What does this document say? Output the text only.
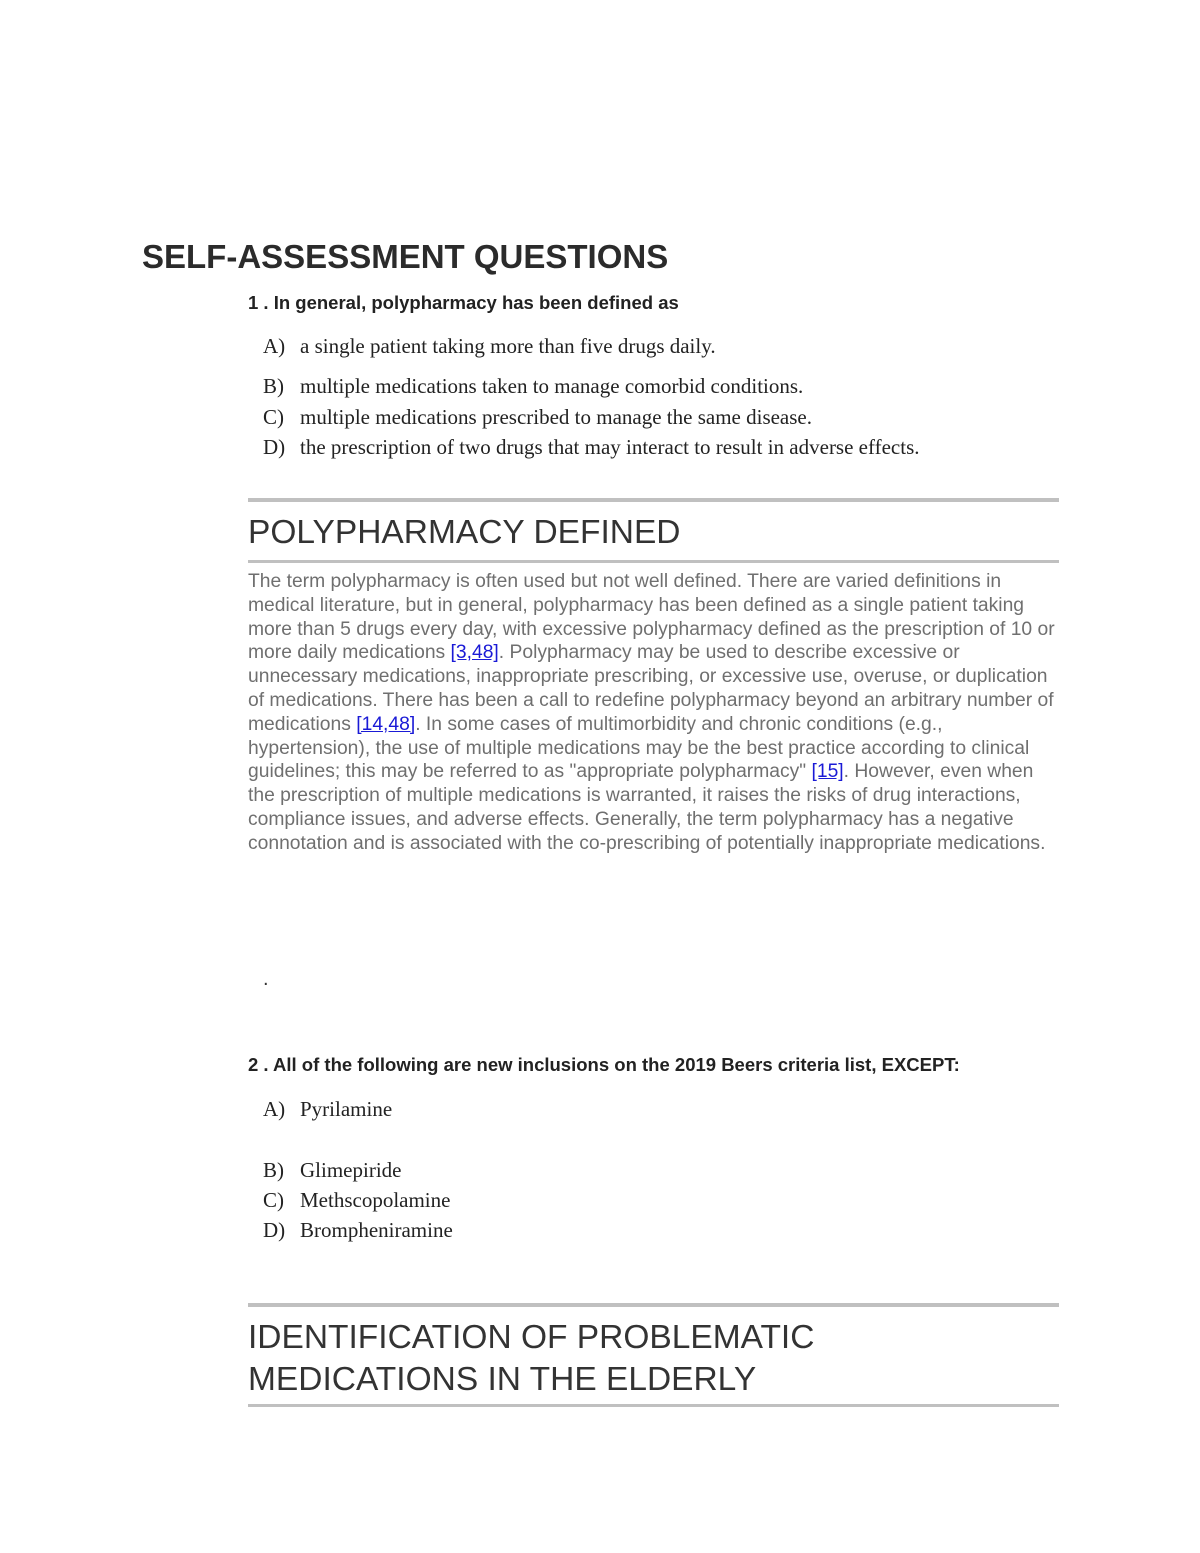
SELF-ASSESSMENT QUESTIONS
1 . In general, polypharmacy has been defined as
A) a single patient taking more than five drugs daily.
B) multiple medications taken to manage comorbid conditions.
C) multiple medications prescribed to manage the same disease.
D) the prescription of two drugs that may interact to result in adverse effects.
POLYPHARMACY DEFINED
The term polypharmacy is often used but not well defined. There are varied definitions in medical literature, but in general, polypharmacy has been defined as a single patient taking more than 5 drugs every day, with excessive polypharmacy defined as the prescription of 10 or more daily medications [3,48]. Polypharmacy may be used to describe excessive or unnecessary medications, inappropriate prescribing, or excessive use, overuse, or duplication of medications. There has been a call to redefine polypharmacy beyond an arbitrary number of medications [14,48]. In some cases of multimorbidity and chronic conditions (e.g., hypertension), the use of multiple medications may be the best practice according to clinical guidelines; this may be referred to as "appropriate polypharmacy" [15]. However, even when the prescription of multiple medications is warranted, it raises the risks of drug interactions, compliance issues, and adverse effects. Generally, the term polypharmacy has a negative connotation and is associated with the co-prescribing of potentially inappropriate medications.
.
2 . All of the following are new inclusions on the 2019 Beers criteria list, EXCEPT:
A) Pyrilamine
B) Glimepiride
C) Methscopolamine
D) Brompheniramine
IDENTIFICATION OF PROBLEMATIC
MEDICATIONS IN THE ELDERLY
